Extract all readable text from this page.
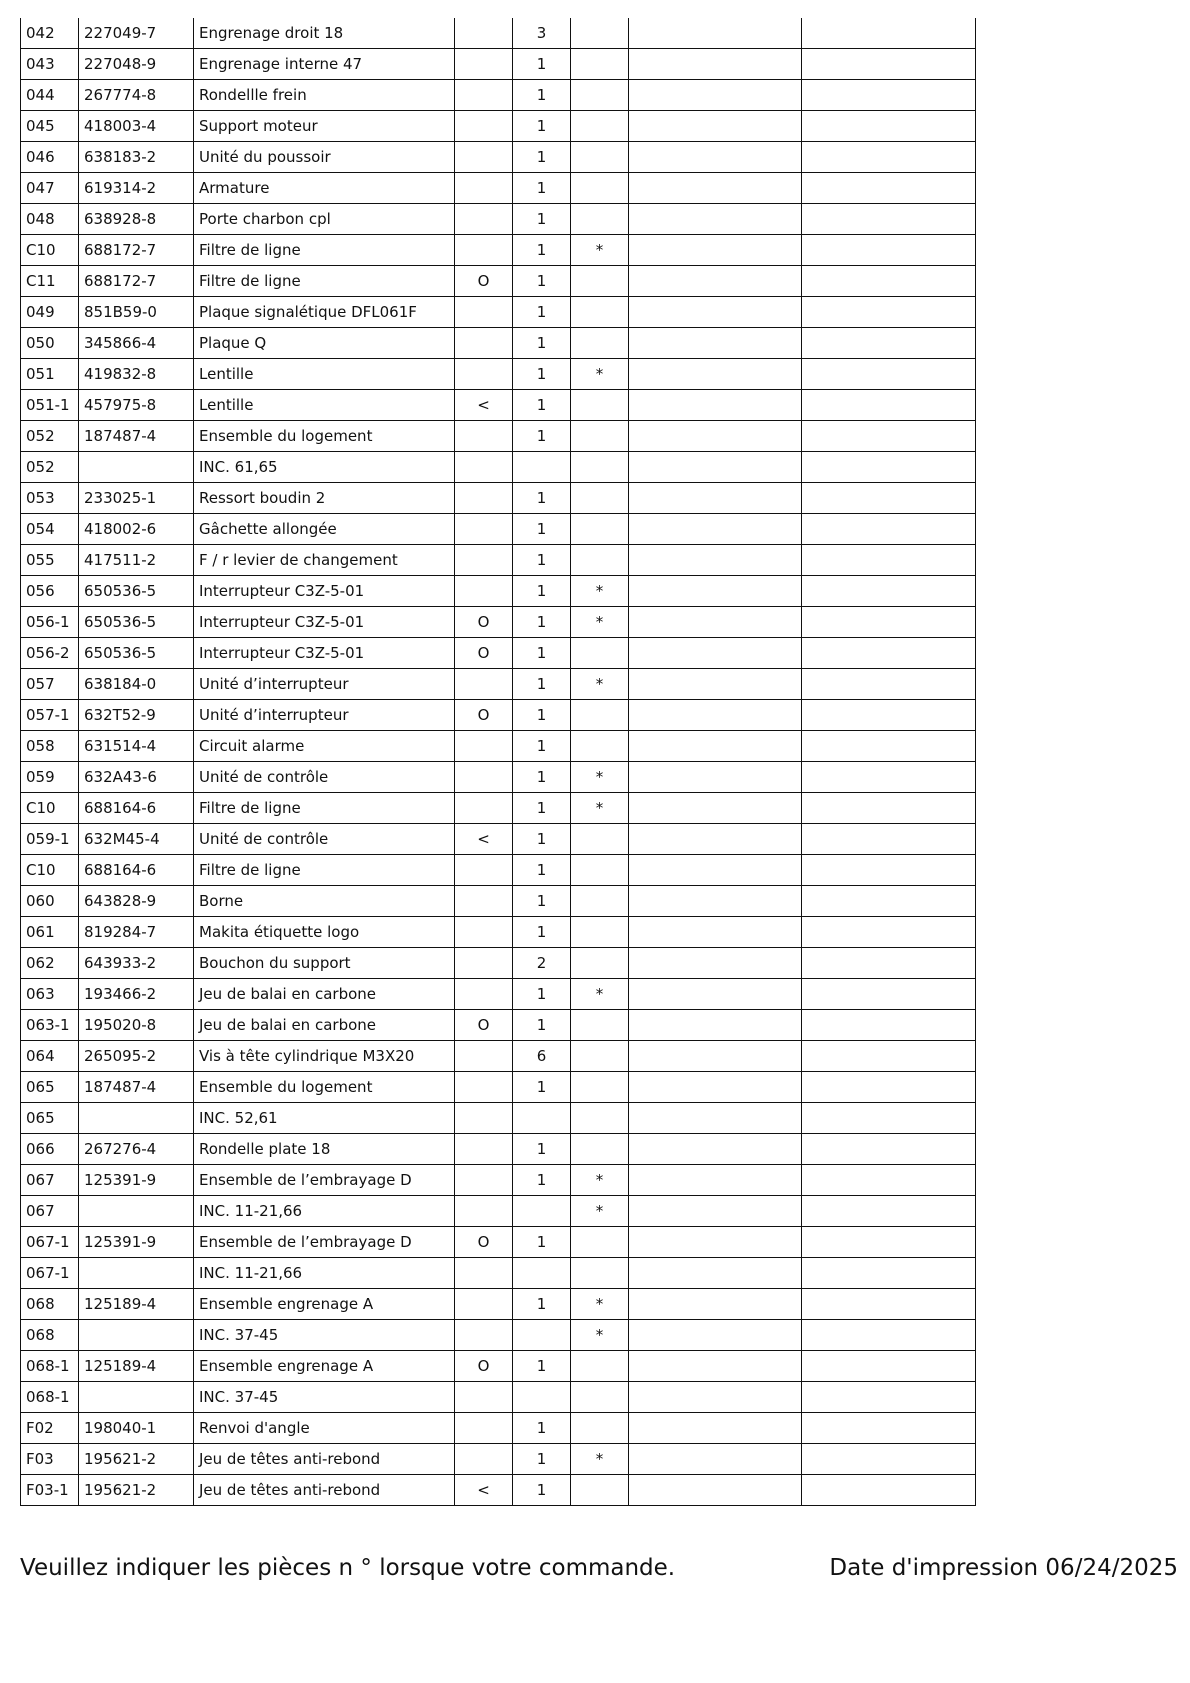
042	227049-7	Engrenage droit 18		3			
043	227048-9	Engrenage interne 47		1			
044	267774-8	Rondellle frein		1			
045	418003-4	Support moteur		1			
046	638183-2	Unité du poussoir		1			
047	619314-2	Armature		1			
048	638928-8	Porte charbon cpl		1			
C10	688172-7	Filtre de ligne		1	*		
C11	688172-7	Filtre de ligne	O	1			
049	851B59-0	Plaque signalétique DFL061F		1			
050	345866-4	Plaque Q		1			
051	419832-8	Lentille		1	*		
051-1	457975-8	Lentille	<	1			
052	187487-4	Ensemble du logement		1			
052		INC. 61,65					
053	233025-1	Ressort boudin 2		1			
054	418002-6	Gâchette allongée		1			
055	417511-2	F / r levier de changement		1			
056	650536-5	Interrupteur C3Z-5-01		1	*		
056-1	650536-5	Interrupteur C3Z-5-01	O	1	*		
056-2	650536-5	Interrupteur C3Z-5-01	O	1			
057	638184-0	Unité d’interrupteur		1	*		
057-1	632T52-9	Unité d’interrupteur	O	1			
058	631514-4	Circuit alarme		1			
059	632A43-6	Unité de contrôle		1	*		
C10	688164-6	Filtre de ligne		1	*		
059-1	632M45-4	Unité de contrôle	<	1			
C10	688164-6	Filtre de ligne		1			
060	643828-9	Borne		1			
061	819284-7	Makita étiquette logo		1			
062	643933-2	Bouchon du support		2			
063	193466-2	Jeu de balai en carbone		1	*		
063-1	195020-8	Jeu de balai en carbone	O	1			
064	265095-2	Vis à tête cylindrique M3X20		6			
065	187487-4	Ensemble du logement		1			
065		INC. 52,61					
066	267276-4	Rondelle plate 18		1			
067	125391-9	Ensemble de l’embrayage D		1	*		
067		INC. 11-21,66			*		
067-1	125391-9	Ensemble de l’embrayage D	O	1			
067-1		INC. 11-21,66					
068	125189-4	Ensemble engrenage A		1	*		
068		INC. 37-45			*		
068-1	125189-4	Ensemble engrenage A	O	1			
068-1		INC. 37-45					
F02	198040-1	Renvoi d'angle		1			
F03	195621-2	Jeu de têtes anti-rebond		1	*		
F03-1	195621-2	Jeu de têtes anti-rebond	<	1			
Veuillez indiquer les pièces n ° lorsque votre commande.	Date d'impression 06/24/2025
